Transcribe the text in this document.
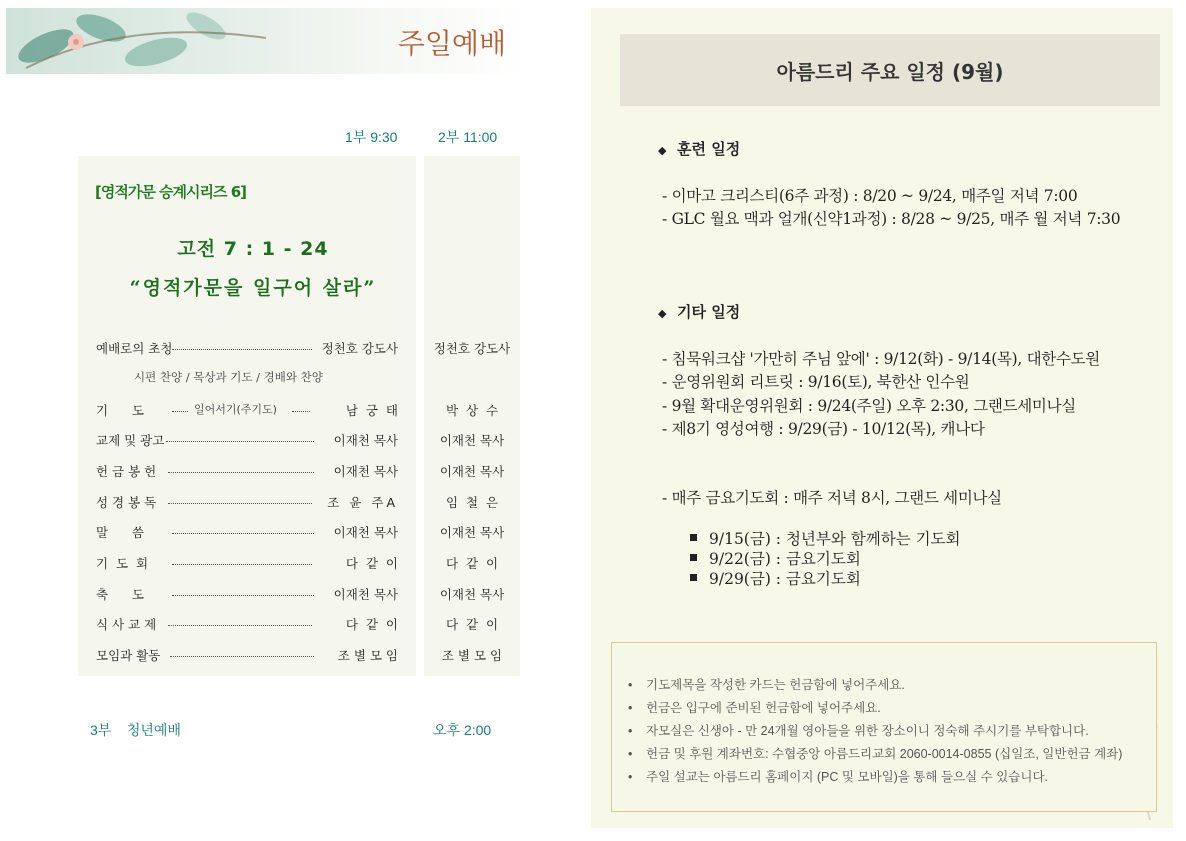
주일예배
1부 9:30	2부 11:00
[영적가문 승계시리즈 6]
고전 7 : 1 - 24
“영적가문을 일구어 살라”
예배로의 초청	정천호 강도사	정천호 강도사
시편 찬양 / 목상과 기도 / 경배와 찬양
기      도	일어서기(주기도)	남  궁  태	박  상  수
교제 및 광고	이재천 목사	이재천 목사
헌 금 봉 헌	이재천 목사	이재천 목사
성 경 봉 독	조 윤 주A	임  철  은
말      씀	이재천 목사	이재천 목사
기  도  회	다  같  이	다  같  이
축      도	이재천 목사	이재천 목사
식 사 교 제	다  같  이	다  같  이
모임과 활동	조 별 모 임	조 별 모 임
3부    청년예배	오후 2:00
아름드리 주요 일정 (9월)
◆ 훈련 일정
- 이마고 크리스티(6주 과정) : 8/20 ~ 9/24, 매주일 저녁 7:00
- GLC 월요 맥과 얼개(신약1과정) : 8/28 ~ 9/25, 매주 월 저녁 7:30
◆ 기타 일정
- 침묵워크샵 '가만히 주님 앞에' : 9/12(화) - 9/14(목), 대한수도원
- 운영위원회 리트릿 : 9/16(토), 북한산 인수원
- 9월 확대운영위원회 : 9/24(주일) 오후 2:30, 그랜드세미나실
- 제8기 영성여행 : 9/29(금) - 10/12(목), 캐나다
- 매주 금요기도회 : 매주 저녁 8시, 그랜드 세미나실
9/15(금) : 청년부와 함께하는 기도회
9/22(금) : 금요기도회
9/29(금) : 금요기도회
• 기도제목을 작성한 카드는 헌금함에 넣어주세요.
• 헌금은 입구에 준비된 헌금함에 넣어주세요.
• 자모실은 신생아 - 만 24개월 영아들을 위한 장소이니 정숙해 주시기를 부탁합니다.
• 헌금 및 후원 계좌번호: 수협중앙 아름드리교회 2060-0014-0855 (십일조, 일반헌금 계좌)
• 주일 설교는 아름드리 홈페이지 (PC 및 모바일)을 통해 들으실 수 있습니다.
